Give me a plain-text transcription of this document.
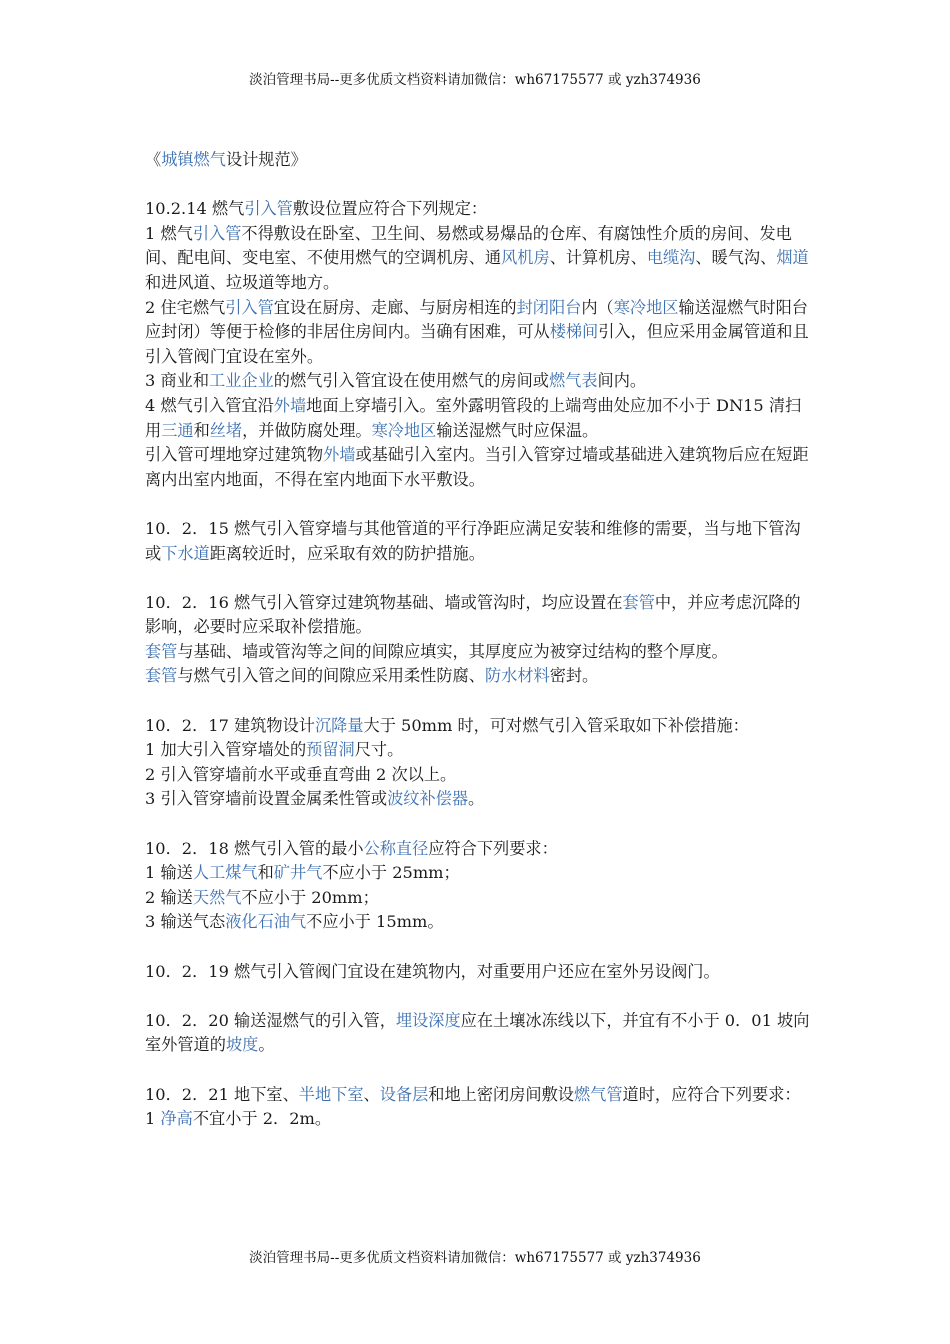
淡泊管理书局--更多优质文档资料请加微信：wh67175577 或 yzh374936

《城镇燃气设计规范》

10.2.14 燃气引入管敷设位置应符合下列规定：

1 燃气引入管不得敷设在卧室、卫生间、易燃或易爆品的仓库、有腐蚀性介质的房间、发电间、配电间、变电室、不使用燃气的空调机房、通风机房、计算机房、电缆沟、暖气沟、烟道和进风道、垃圾道等地方。

2 住宅燃气引入管宜设在厨房、走廊、与厨房相连的封闭阳台内（寒冷地区输送湿燃气时阳台应封闭）等便于检修的非居住房间内。当确有困难，可从楼梯间引入，但应采用金属管道和且引入管阀门宜设在室外。

3 商业和工业企业的燃气引入管宜设在使用燃气的房间或燃气表间内。

4 燃气引入管宜沿外墙地面上穿墙引入。室外露明管段的上端弯曲处应加不小于 DN15 清扫用三通和丝堵，并做防腐处理。寒冷地区输送湿燃气时应保温。

引入管可埋地穿过建筑物外墙或基础引入室内。当引入管穿过墙或基础进入建筑物后应在短距离内出室内地面，不得在室内地面下水平敷设。

10．2．15 燃气引入管穿墙与其他管道的平行净距应满足安装和维修的需要，当与地下管沟或下水道距离较近时，应采取有效的防护措施。

10．2．16 燃气引入管穿过建筑物基础、墙或管沟时，均应设置在套管中，并应考虑沉降的影响，必要时应采取补偿措施。

套管与基础、墙或管沟等之间的间隙应填实，其厚度应为被穿过结构的整个厚度。

套管与燃气引入管之间的间隙应采用柔性防腐、防水材料密封。

10．2．17 建筑物设计沉降量大于 50mm 时，可对燃气引入管采取如下补偿措施：

1 加大引入管穿墙处的预留洞尺寸。

2 引入管穿墙前水平或垂直弯曲 2 次以上。

3 引入管穿墙前设置金属柔性管或波纹补偿器。

10．2．18 燃气引入管的最小公称直径应符合下列要求：

1 输送人工煤气和矿井气不应小于 25mm；

2 输送天然气不应小于 20mm；

3 输送气态液化石油气不应小于 15mm。

10．2．19 燃气引入管阀门宜设在建筑物内，对重要用户还应在室外另设阀门。

10．2．20 输送湿燃气的引入管，埋设深度应在土壤冰冻线以下，并宜有不小于 0．01 坡向室外管道的坡度。

10．2．21 地下室、半地下室、设备层和地上密闭房间敷设燃气管道时，应符合下列要求：

1 净高不宜小于 2．2m。

淡泊管理书局--更多优质文档资料请加微信：wh67175577 或 yzh374936
